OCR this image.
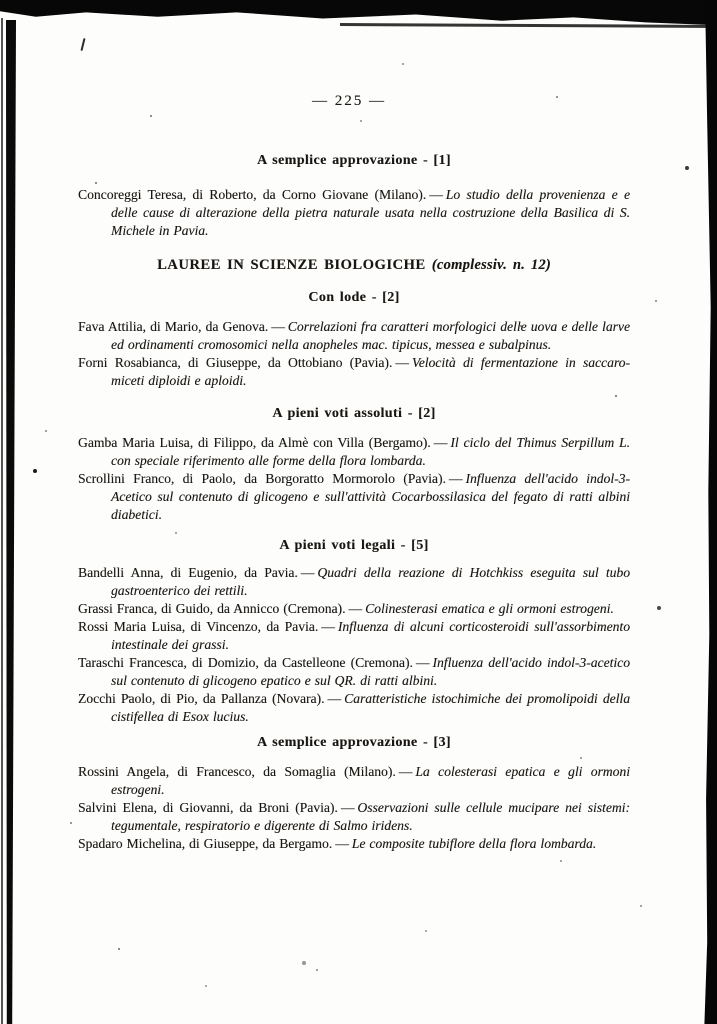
— 225 —

A semplice approvazione - [1]

Concoreggi Teresa, di Roberto, da Corno Giovane (Milano). — Lo studio della provenienza e e delle cause di alterazione della pietra naturale usata nella costruzione della Basilica di S. Michele in Pavia.

LAUREE IN SCIENZE BIOLOGICHE (complessiv. n. 12)

Con lode - [2]

Fava Attilia, di Mario, da Genova. — Correlazioni fra caratteri morfologici delle uova e delle larve ed ordinamenti cromosomici nella anopheles mac. tipicus, messea e subalpinus.

Forni Rosabianca, di Giuseppe, da Ottobiano (Pavia). — Velocità di fermentazione in saccaro-miceti diploidi e aploidi.

A pieni voti assoluti - [2]

Gamba Maria Luisa, di Filippo, da Almè con Villa (Bergamo). — Il ciclo del Thimus Serpillum L. con speciale riferimento alle forme della flora lombarda.

Scrollini Franco, di Paolo, da Borgoratto Mormorolo (Pavia). — Influenza dell'acido indol-3-Acetico sul contenuto di glicogeno e sull'attività Cocarbossilasica del fegato di ratti albini diabetici.

A pieni voti legali - [5]

Bandelli Anna, di Eugenio, da Pavia. — Quadri della reazione di Hotchkiss eseguita sul tubo gastroenterico dei rettili.

Grassi Franca, di Guido, da Annicco (Cremona). — Colinesterasi ematica e gli ormoni estrogeni.

Rossi Maria Luisa, di Vincenzo, da Pavia. — Influenza di alcuni corticosteroidi sull'assorbimento intestinale dei grassi.

Taraschi Francesca, di Domizio, da Castelleone (Cremona). — Influenza dell'acido indol-3-acetico sul contenuto di glicogeno epatico e sul QR. di ratti albini.

Zocchi Paolo, di Pio, da Pallanza (Novara). — Caratteristiche istochimiche dei promolipoidi della cistifellea di Esox lucius.

A semplice approvazione - [3]

Rossini Angela, di Francesco, da Somaglia (Milano). — La colesterasi epatica e gli ormoni estrogeni.

Salvini Elena, di Giovanni, da Broni (Pavia). — Osservazioni sulle cellule mucipare nei sistemi: tegumentale, respiratorio e digerente di Salmo iridens.

Spadaro Michelina, di Giuseppe, da Bergamo. — Le composite tubiflore della flora lombarda.
